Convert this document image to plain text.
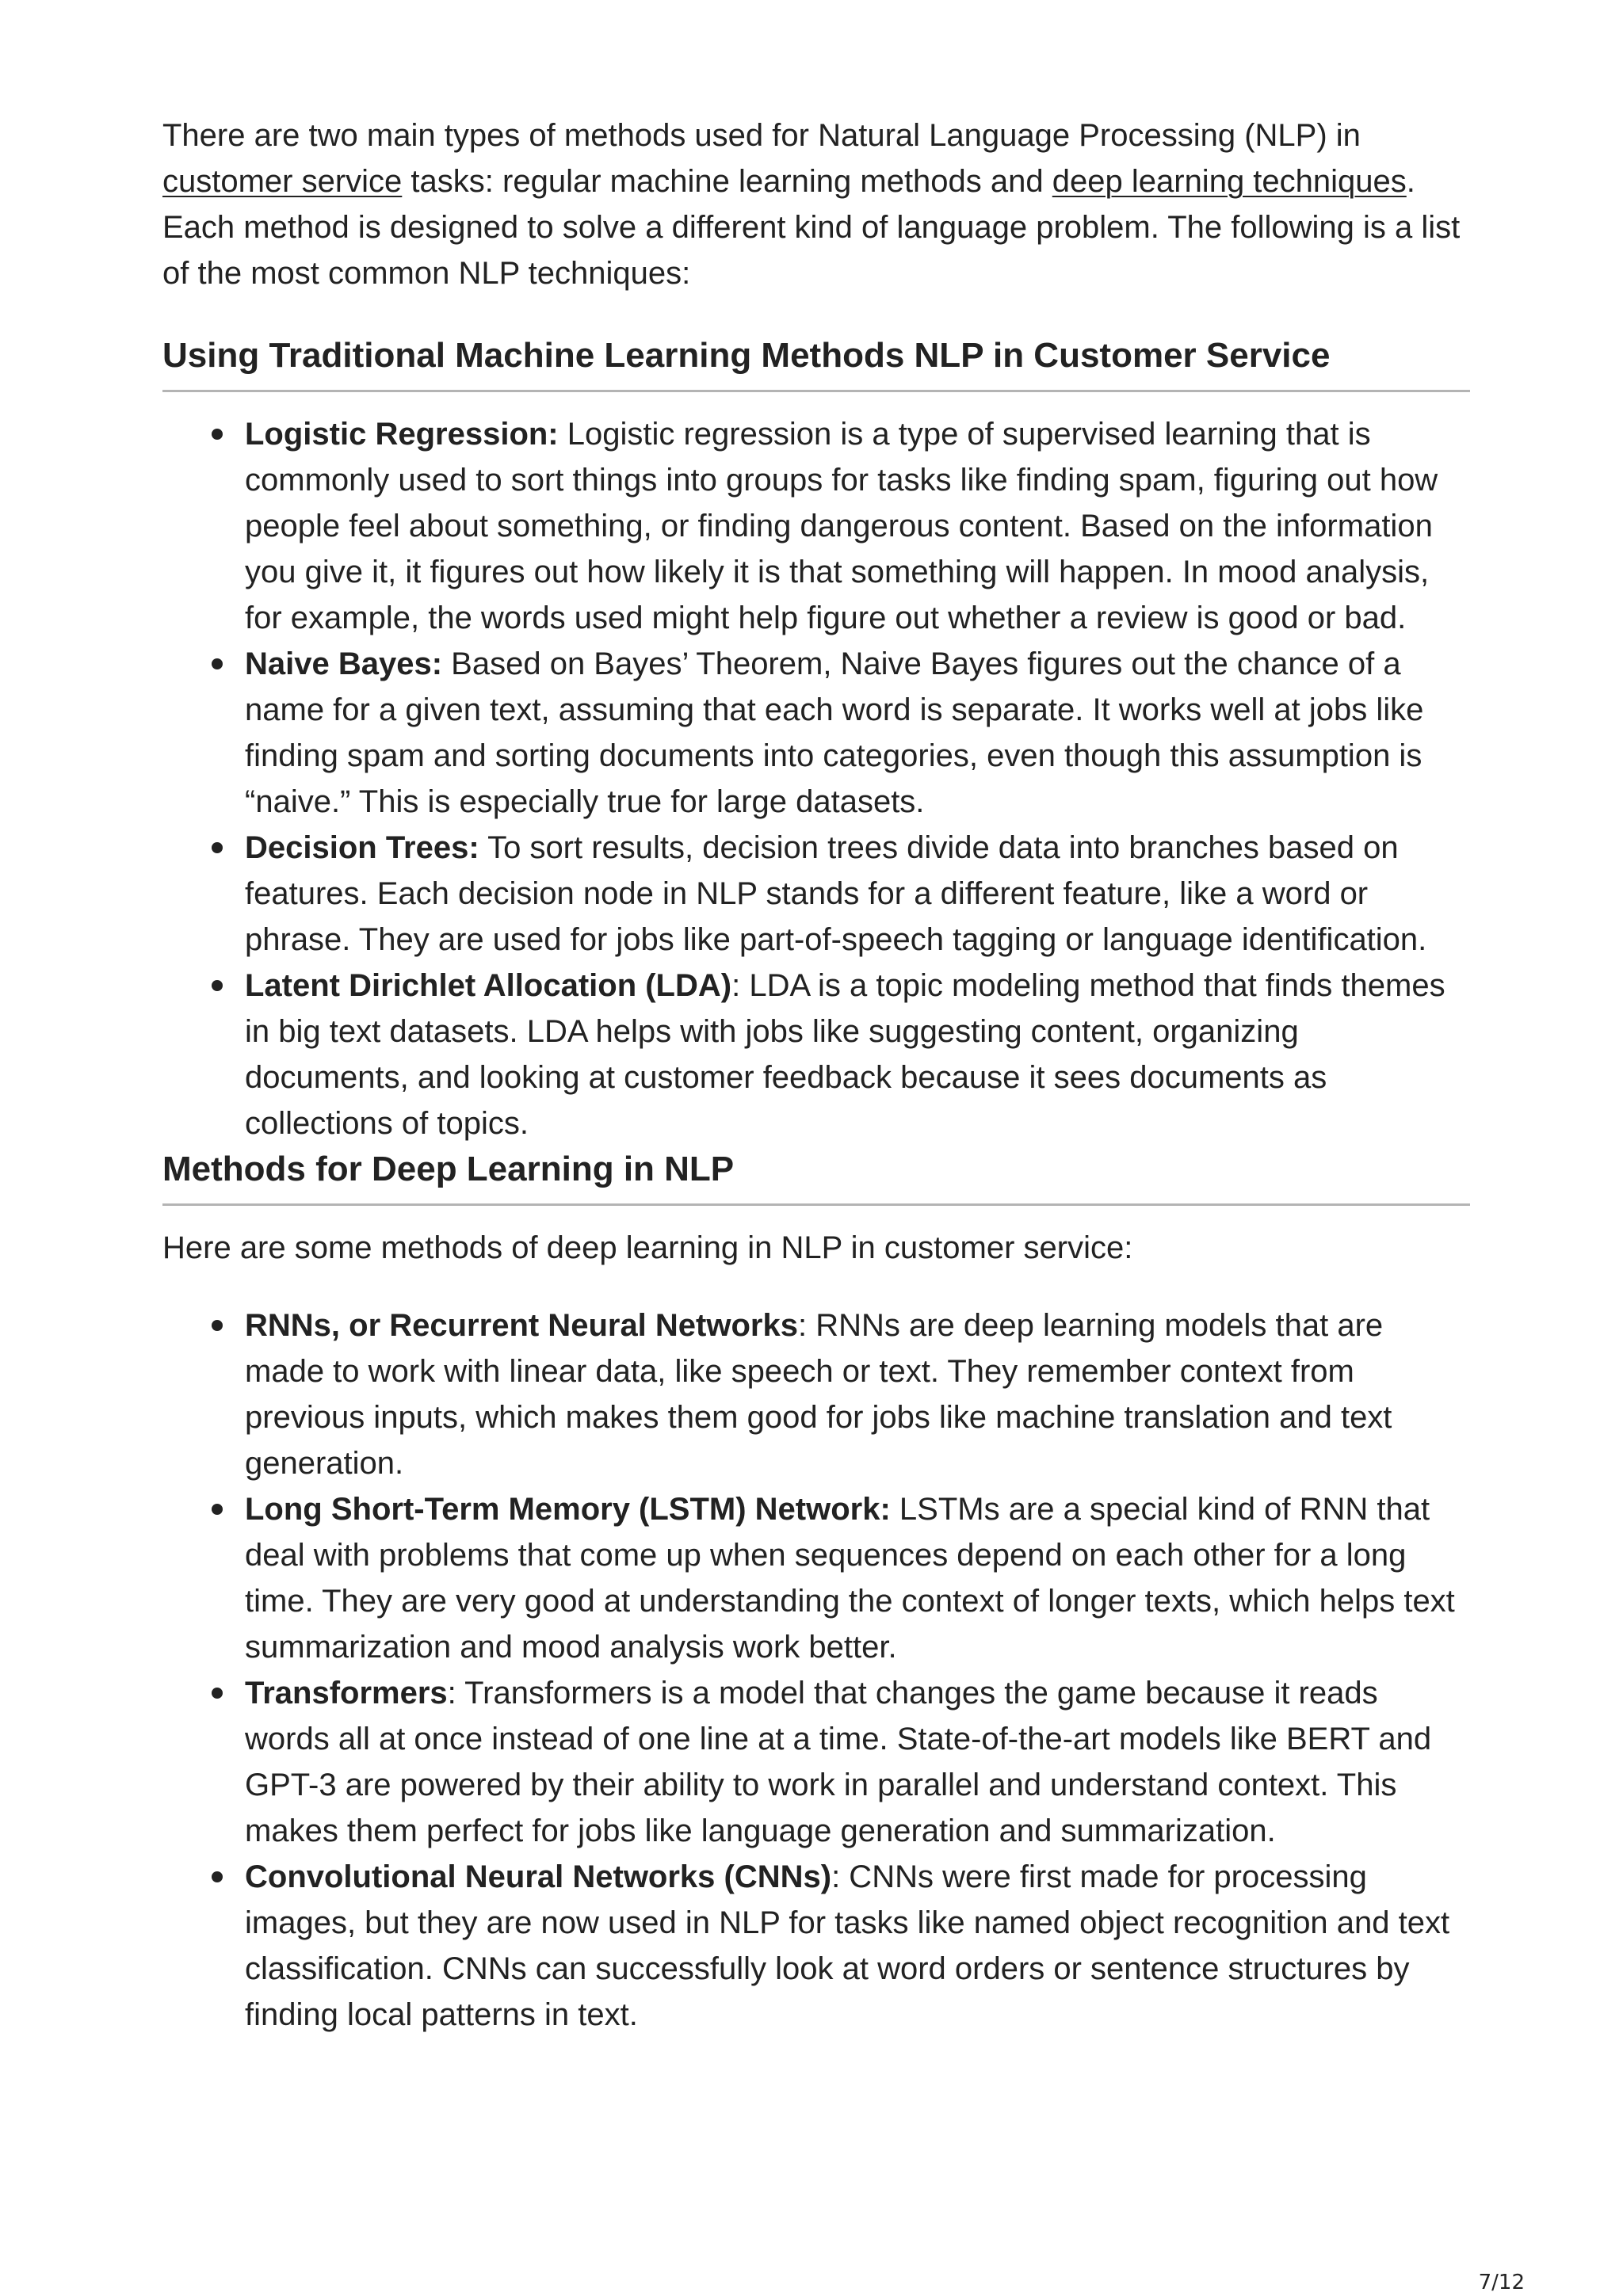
There are two main types of methods used for Natural Language Processing (NLP) in customer service tasks: regular machine learning methods and deep learning techniques. Each method is designed to solve a different kind of language problem. The following is a list of the most common NLP techniques:

Using Traditional Machine Learning Methods NLP in Customer Service
Logistic Regression: Logistic regression is a type of supervised learning that is commonly used to sort things into groups for tasks like finding spam, figuring out how people feel about something, or finding dangerous content. Based on the information you give it, it figures out how likely it is that something will happen. In mood analysis, for example, the words used might help figure out whether a review is good or bad.
Naive Bayes: Based on Bayes’ Theorem, Naive Bayes figures out the chance of a name for a given text, assuming that each word is separate. It works well at jobs like finding spam and sorting documents into categories, even though this assumption is “naive.” This is especially true for large datasets.
Decision Trees: To sort results, decision trees divide data into branches based on features. Each decision node in NLP stands for a different feature, like a word or phrase. They are used for jobs like part-of-speech tagging or language identification.
Latent Dirichlet Allocation (LDA): LDA is a topic modeling method that finds themes in big text datasets. LDA helps with jobs like suggesting content, organizing documents, and looking at customer feedback because it sees documents as collections of topics.
Methods for Deep Learning in NLP

Here are some methods of deep learning in NLP in customer service:

RNNs, or Recurrent Neural Networks: RNNs are deep learning models that are made to work with linear data, like speech or text. They remember context from previous inputs, which makes them good for jobs like machine translation and text generation.
Long Short-Term Memory (LSTM) Network: LSTMs are a special kind of RNN that deal with problems that come up when sequences depend on each other for a long time. They are very good at understanding the context of longer texts, which helps text summarization and mood analysis work better.
Transformers: Transformers is a model that changes the game because it reads words all at once instead of one line at a time. State-of-the-art models like BERT and GPT-3 are powered by their ability to work in parallel and understand context. This makes them perfect for jobs like language generation and summarization.
Convolutional Neural Networks (CNNs): CNNs were first made for processing images, but they are now used in NLP for tasks like named object recognition and text classification. CNNs can successfully look at word orders or sentence structures by finding local patterns in text.
7/12
